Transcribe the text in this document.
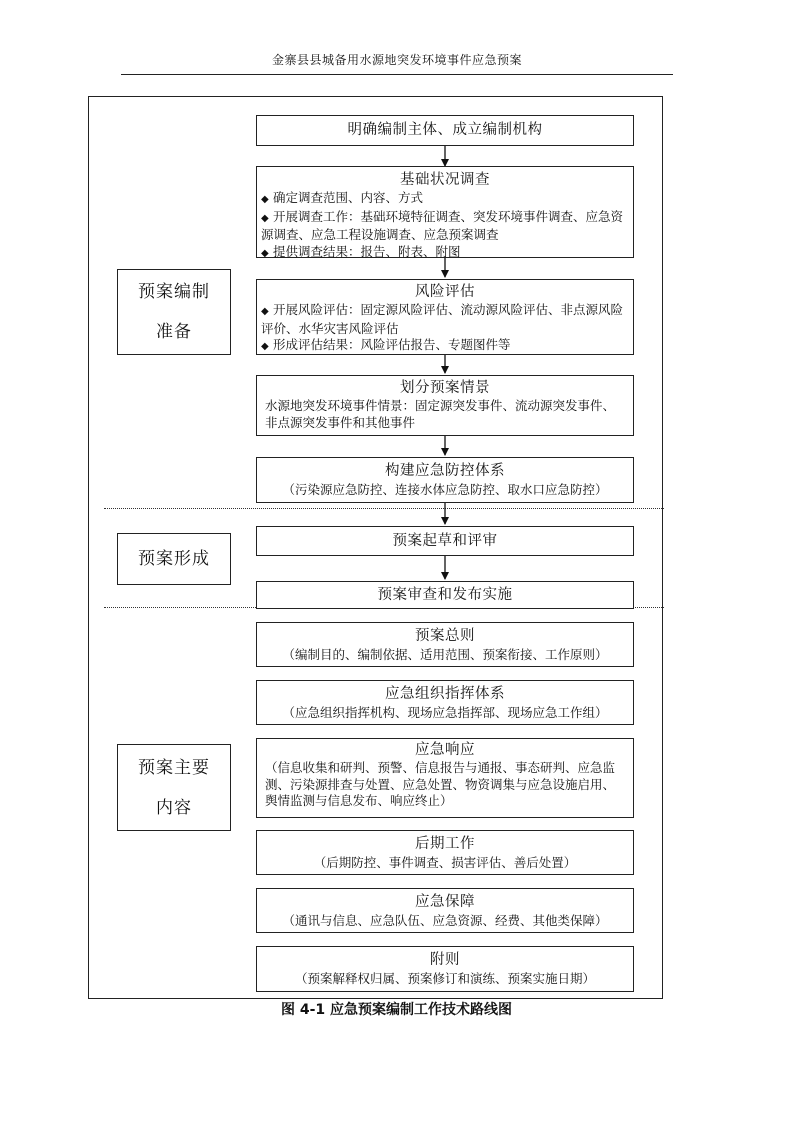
金寨县县城备用水源地突发环境事件应急预案
预案编制
准备
预案形成
预案主要
内容
明确编制主体、成立编制机构
基础状况调查
◆ 确定调查范围、内容、方式
◆ 开展调查工作：基础环境特征调查、突发环境事件调查、应急资源调查、应急工程设施调查、应急预案调查
◆ 提供调查结果：报告、附表、附图
风险评估
◆ 开展风险评估：固定源风险评估、流动源风险评估、非点源风险评价、水华灾害风险评估
◆ 形成评估结果：风险评估报告、专题图件等
划分预案情景
水源地突发环境事件情景：固定源突发事件、流动源突发事件、非点源突发事件和其他事件
构建应急防控体系
（污染源应急防控、连接水体应急防控、取水口应急防控）
预案起草和评审
预案审查和发布实施
预案总则
（编制目的、编制依据、适用范围、预案衔接、工作原则）
应急组织指挥体系
（应急组织指挥机构、现场应急指挥部、现场应急工作组）
应急响应
（信息收集和研判、预警、信息报告与通报、事态研判、应急监测、污染源排查与处置、应急处置、物资调集与应急设施启用、舆情监测与信息发布、响应终止）
后期工作
（后期防控、事件调查、损害评估、善后处置）
应急保障
（通讯与信息、应急队伍、应急资源、经费、其他类保障）
附则
（预案解释权归属、预案修订和演练、预案实施日期）
图 4-1 应急预案编制工作技术路线图
